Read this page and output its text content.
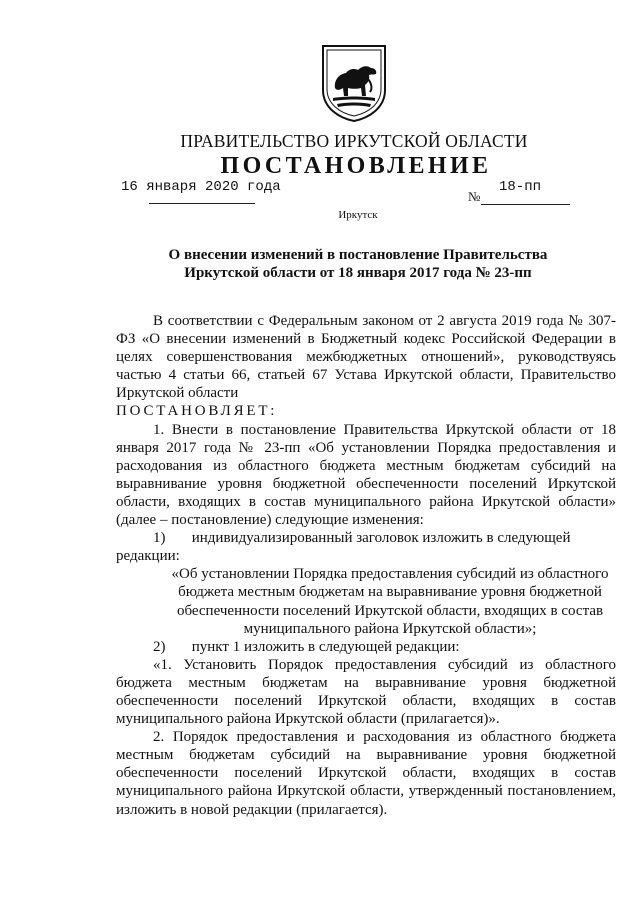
ПРАВИТЕЛЬСТВО ИРКУТСКОЙ ОБЛАСТИ
ПОСТАНОВЛЕНИЕ
16 января 2020 года
№
18-пп
Иркутск
О внесении изменений в постановление Правительства
Иркутской области от 18 января 2017 года № 23-пп

В соответствии с Федеральным законом от 2 августа 2019 года № 307-ФЗ «О внесении изменений в Бюджетный кодекс Российской Федерации в целях совершенствования межбюджетных отношений», руководствуясь частью 4 статьи 66, статьей 67 Устава Иркутской области, Правительство Иркутской области

ПОСТАНОВЛЯЕТ:

1. Внести в постановление Правительства Иркутской области от 18 января 2017 года № 23-пп «Об установлении Порядка предоставления и расходования из областного бюджета местным бюджетам субсидий на выравнивание уровня бюджетной обеспеченности поселений Иркутской области, входящих в состав муниципального района Иркутской области» (далее – постановление) следующие изменения:

1) индивидуализированный заголовок изложить в следующей

редакции:

«Об установлении Порядка предоставления субсидий из областного

бюджета местным бюджетам на выравнивание уровня бюджетной

обеспеченности поселений Иркутской области, входящих в состав

муниципального района Иркутской области»;

2) пункт 1 изложить в следующей редакции:

«1. Установить Порядок предоставления субсидий из областного бюджета местным бюджетам на выравнивание уровня бюджетной обеспеченности поселений Иркутской области, входящих в состав муниципального района Иркутской области (прилагается)».

2. Порядок предоставления и расходования из областного бюджета местным бюджетам субсидий на выравнивание уровня бюджетной обеспеченности поселений Иркутской области, входящих в состав муниципального района Иркутской области, утвержденный постановлением, изложить в новой редакции (прилагается).
